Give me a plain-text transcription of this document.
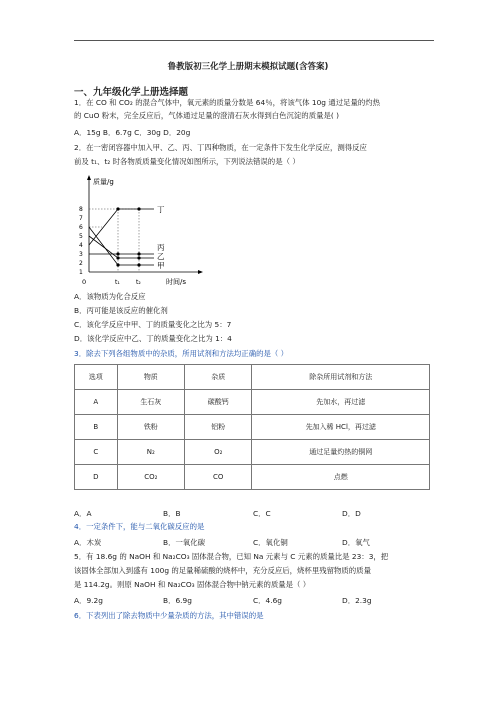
鲁教版初三化学上册期末模拟试题(含答案)
一、九年级化学上册选择题
1．在 CO 和 CO₂ 的混合气体中，氧元素的质量分数是 64％，将该气体 10g 通过足量的灼热
的 CuO 粉末，完全反应后，气体通过足量的澄清石灰水得到白色沉淀的质量是( )
A．15g B．6.7g C．30g D．20g
2．在一密闭容器中加入甲、乙、丙、丁四种物质，在一定条件下发生化学反应，测得反应
前及 t₁、t₂ 时各物质质量变化情况如图所示，下列说法错误的是（ ）
质量/g
时间/s
0
8
7
6
5
4
3
2
1
丁
丙
乙
甲
t₁	t₂
A．该物质为化合反应
B．丙可能是该反应的催化剂
C．该化学反应中甲、丁的质量变化之比为 5：7
D．该化学反应中乙、丁的质量变化之比为 1：4
3．除去下列各组物质中的杂质，所用试剂和方法均正确的是（ ）
选项	物质	杂质	除杂所用试剂和方法
A	生石灰	碳酸钙	先加水，再过滤
B	铁粉	铝粉	先加入稀 HCl，再过滤
C	N₂	O₂	通过足量灼热的铜网
D	CO₂	CO	点燃
A．A	B．B	C．C	D．D
4．一定条件下，能与二氧化碳反应的是
A．木炭	B．一氧化碳	C．氧化铜	D．氧气
5．有 18.6g 的 NaOH 和 Na₂CO₃ 固体混合物，已知 Na 元素与 C 元素的质量比是 23：3，把
该固体全部加入到盛有 100g 的足量稀硫酸的烧杯中，充分反应后，烧杯里残留物质的质量
是 114.2g。则原 NaOH 和 Na₂CO₃ 固体混合物中钠元素的质量是（ ）
A．9.2g	B．6.9g	C．4.6g	D．2.3g
6．下表列出了除去物质中少量杂质的方法，其中错误的是
